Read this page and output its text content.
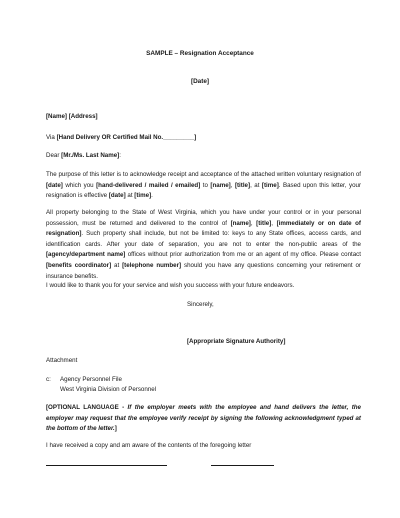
SAMPLE – Resignation Acceptance
[Date]
[Name] [Address]
Via [Hand Delivery OR Certified Mail No._________]
Dear [Mr./Ms. Last Name]:
The purpose of this letter is to acknowledge receipt and acceptance of the attached written voluntary resignation of [date] which you [hand-delivered / mailed / emailed] to [name], [title], at [time]. Based upon this letter, your resignation is effective [date] at [time].
All property belonging to the State of West Virginia, which you have under your control or in your personal possession, must be returned and delivered to the control of [name], [title], [immediately or on date of resignation]. Such property shall include, but not be limited to: keys to any State offices, access cards, and identification cards. After your date of separation, you are not to enter the non-public areas of the [agency/department name] offices without prior authorization from me or an agent of my office. Please contact [benefits coordinator] at [telephone number] should you have any questions concerning your retirement or insurance benefits.
I would like to thank you for your service and wish you success with your future endeavors.
Sincerely,
[Appropriate Signature Authority]
Attachment
c: Agency Personnel File
West Virginia Division of Personnel
[OPTIONAL LANGUAGE - If the employer meets with the employee and hand delivers the letter, the employer may request that the employee verify receipt by signing the following acknowledgment typed at the bottom of the letter.]
I have received a copy and am aware of the contents of the foregoing letter
